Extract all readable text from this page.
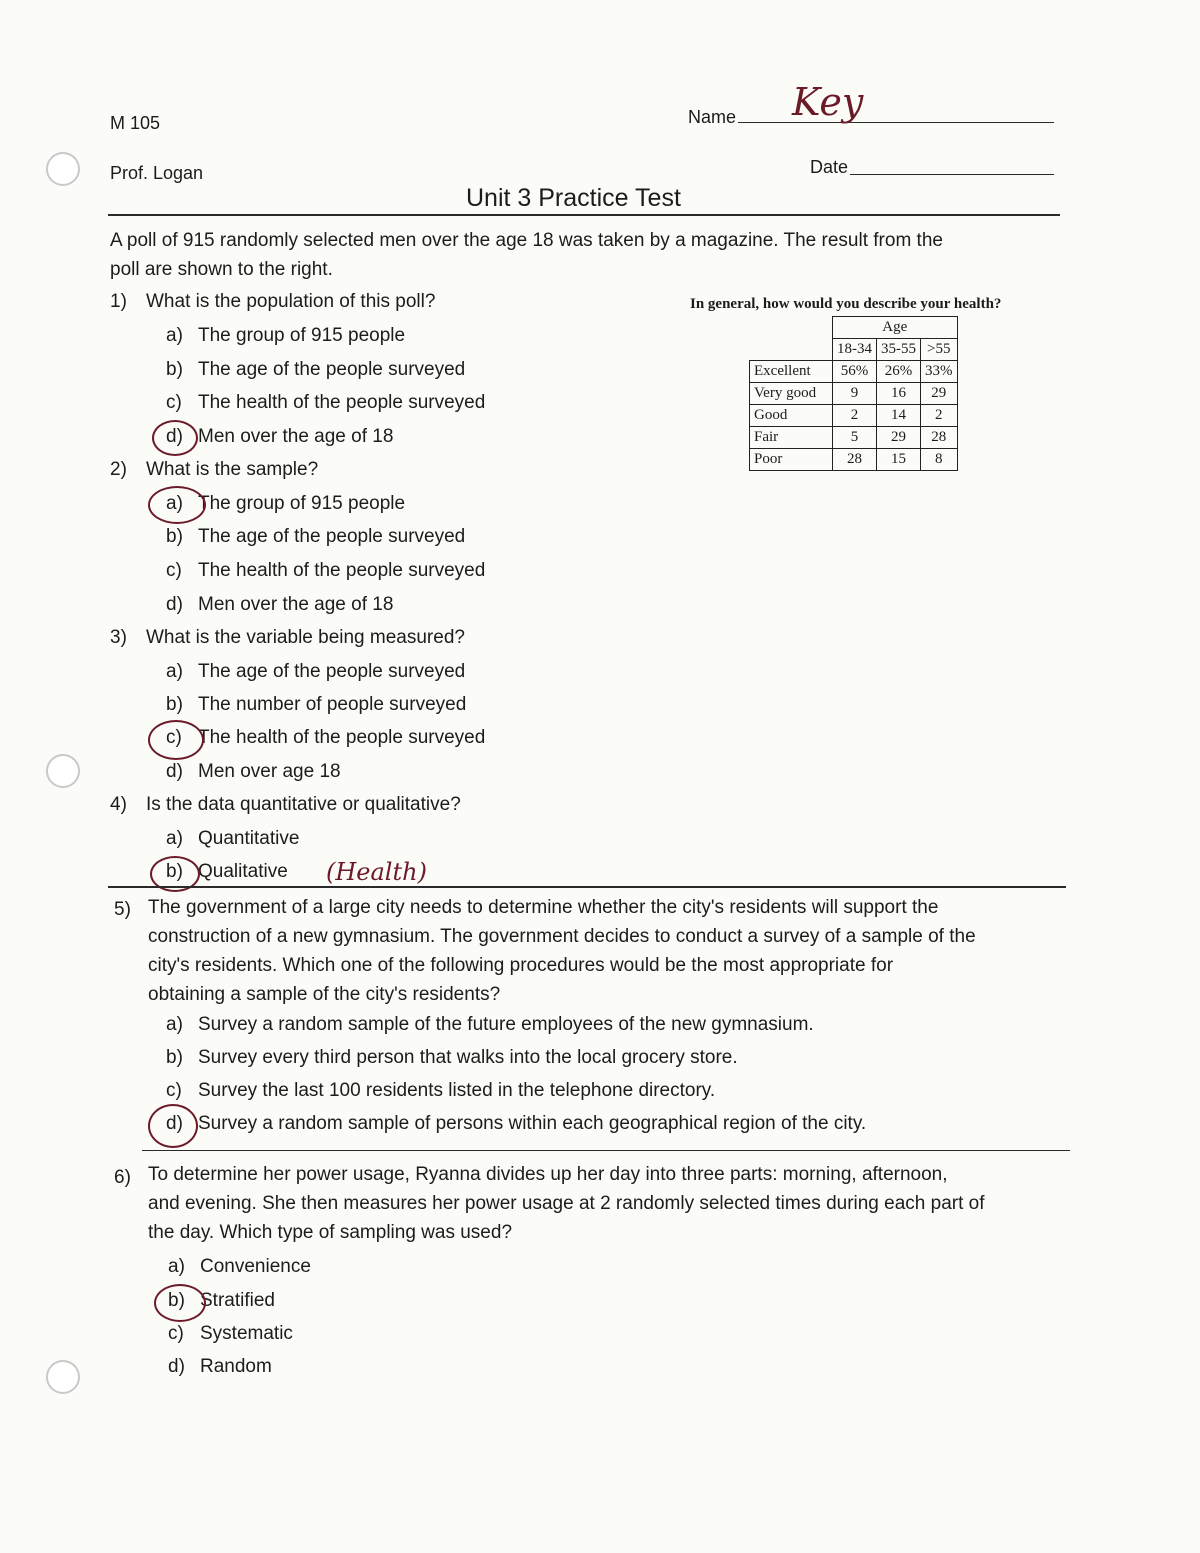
M 105
Prof. Logan
Name Key
Date
Unit 3 Practice Test
A poll of 915 randomly selected men over the age 18 was taken by a magazine. The result from the
poll are shown to the right.
In general, how would you describe your health?
	Age		
	18-34	35-55	>55
Excellent	56%	26%	33%
Very good	9	16	29
Good	2	14	2
Fair	5	29	28
Poor	28	15	8
1) What is the population of this poll?
a) The group of 915 people
b) The age of the people surveyed
c) The health of the people surveyed
d) Men over the age of 18
2) What is the sample?
a) The group of 915 people
b) The age of the people surveyed
c) The health of the people surveyed
d) Men over the age of 18
3) What is the variable being measured?
a) The age of the people surveyed
b) The number of people surveyed
c) The health of the people surveyed
d) Men over age 18
4) Is the data quantitative or qualitative?
a) Quantitative
b) Qualitative (Health)
5) The government of a large city needs to determine whether the city's residents will support the
construction of a new gymnasium. The government decides to conduct a survey of a sample of the
city's residents. Which one of the following procedures would be the most appropriate for
obtaining a sample of the city's residents?
a) Survey a random sample of the future employees of the new gymnasium.
b) Survey every third person that walks into the local grocery store.
c) Survey the last 100 residents listed in the telephone directory.
d) Survey a random sample of persons within each geographical region of the city.
6) To determine her power usage, Ryanna divides up her day into three parts: morning, afternoon,
and evening. She then measures her power usage at 2 randomly selected times during each part of
the day. Which type of sampling was used?
a) Convenience
b) Stratified
c) Systematic
d) Random
